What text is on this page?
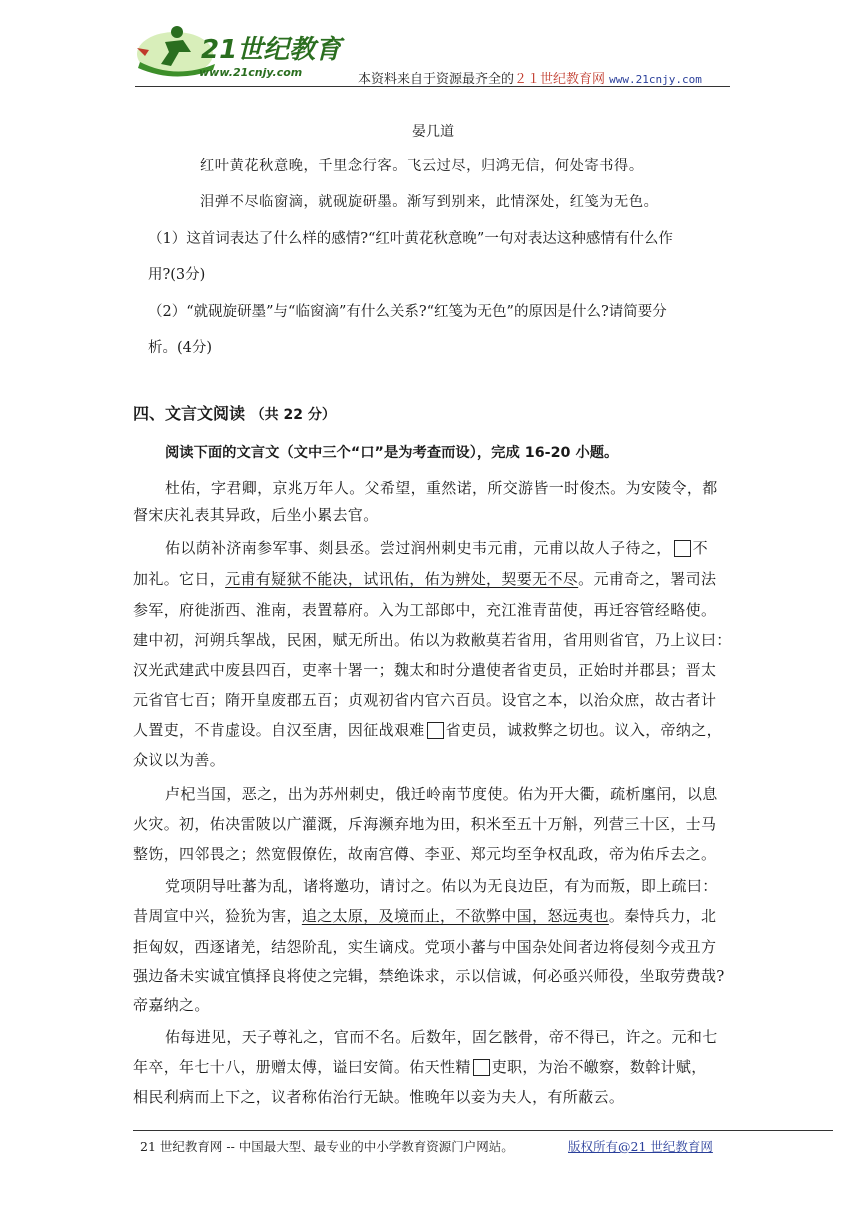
21世纪教育
www.21cnjy.com	本资料来自于资源最齐全的２１世纪教育网 www.21cnjy.com
晏几道
红叶黄花秋意晚，千里念行客。飞云过尽，归鸿无信，何处寄书得。
泪弹不尽临窗滴，就砚旋研墨。渐写到别来，此情深处，红笺为无色。
（1）这首词表达了什么样的感情?“红叶黄花秋意晚”一句对表达这种感情有什么作
用?(3分)
（2）“就砚旋研墨”与“临窗滴”有什么关系?“红笺为无色”的原因是什么?请简要分
析。(4分)
四、文言文阅读 （共 22 分）
阅读下面的文言文（文中三个“口”是为考查而设），完成 16-20 小题。
杜佑，字君卿，京兆万年人。父希望，重然诺，所交游皆一时俊杰。为安陵令，都
督宋庆礼表其异政，后坐小累去官。
佑以荫补济南参军事、剡县丞。尝过润州刺史韦元甫，元甫以故人子待之， 不
加礼。它日，元甫有疑狱不能决，试讯佑，佑为辨处，契要无不尽。元甫奇之，署司法
参军，府徙浙西、淮南，表置幕府。入为工部郎中，充江淮青苗使，再迁容管经略使。
建中初，河朔兵挐战，民困，赋无所出。佑以为救敝莫若省用，省用则省官，乃上议曰：
汉光武建武中废县四百，吏率十署一；魏太和时分遣使者省吏员，正始时并郡县；晋太
元省官七百；隋开皇废郡五百；贞观初省内官六百员。设官之本，以治众庶，故古者计
人置吏，不肯虚设。自汉至唐，因征战艰难 省吏员，诚救弊之切也。议入，帝纳之，
众议以为善。
卢杞当国，恶之，出为苏州刺史，俄迁岭南节度使。佑为开大衢，疏析廛闬，以息
火灾。初，佑决雷陂以广灌溉，斥海濒弃地为田，积米至五十万斛，列营三十区，士马
整饬，四邻畏之；然宽假僚佐，故南宫僔、李亚、郑元均至争权乱政，帝为佑斥去之。
党项阴导吐蕃为乱，诸将邀功，请讨之。佑以为无良边臣，有为而叛，即上疏曰：
昔周宣中兴，猃狁为害，追之太原，及境而止，不欲弊中国，怒远夷也。秦恃兵力，北
拒匈奴，西逐诸羌，结怨阶乱，实生谪戍。党项小蕃与中国杂处间者边将侵刻今戎丑方
强边备未实诚宜慎择良将使之完辑，禁绝诛求，示以信诚，何必亟兴师役，坐取劳费哉?
帝嘉纳之。
佑每进见，天子尊礼之，官而不名。后数年，固乞骸骨，帝不得已，许之。元和七
年卒，年七十八，册赠太傅，谥曰安简。佑天性精 吏职，为治不皦察，数斡计赋，
相民利病而上下之，议者称佑治行无缺。惟晚年以妾为夫人，有所蔽云。
21 世纪教育网 -- 中国最大型、最专业的中小学教育资源门户网站。	版权所有@21 世纪教育网
